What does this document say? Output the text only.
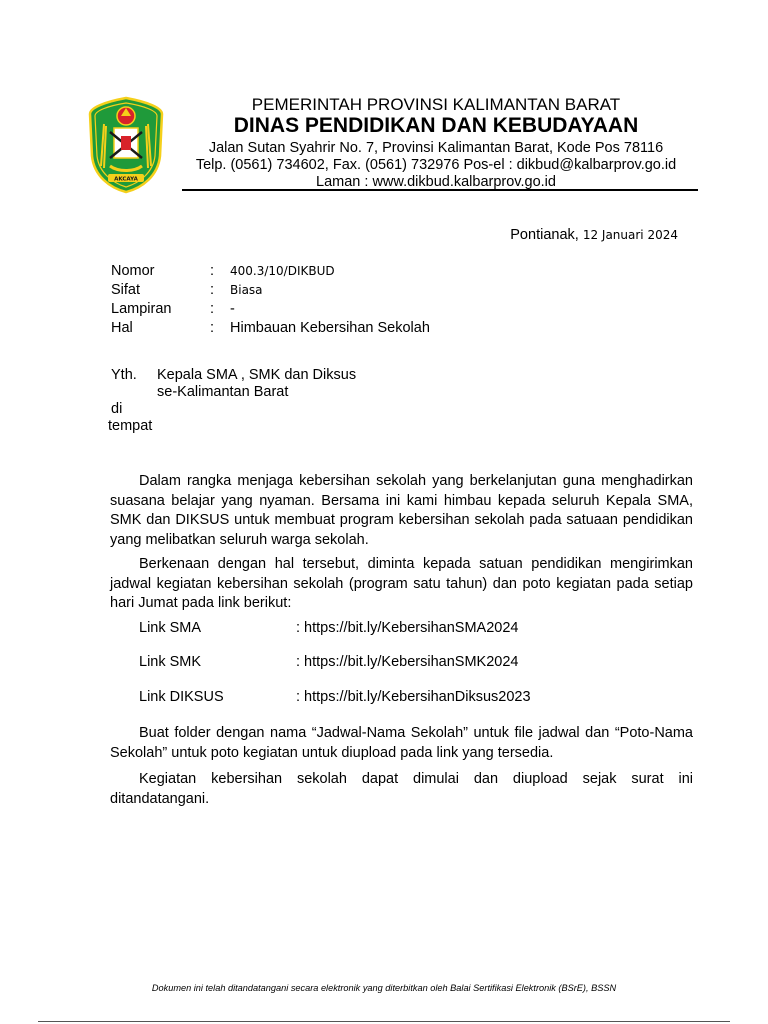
AKCAYA
PEMERINTAH PROVINSI KALIMANTAN BARAT
DINAS PENDIDIKAN DAN KEBUDAYAAN
Jalan Sutan Syahrir No. 7, Provinsi Kalimantan Barat, Kode Pos 78116
Telp. (0561) 734602, Fax. (0561) 732976 Pos-el : dikbud@kalbarprov.go.id
Laman : www.dikbud.kalbarprov.go.id
Pontianak, 12 Januari 2024
Nomor	: 400.3/10/DIKBUD
Sifat	: Biasa
Lampiran	: -
Hal	: Himbauan Kebersihan Sekolah
Yth. Kepala SMA , SMK dan Diksus
se-Kalimantan Barat
di
tempat
Dalam rangka menjaga kebersihan sekolah yang berkelanjutan guna menghadirkan suasana belajar yang nyaman. Bersama ini kami himbau kepada seluruh Kepala SMA, SMK dan DIKSUS untuk membuat program kebersihan sekolah pada satuaan pendidikan yang melibatkan seluruh warga sekolah.
Berkenaan dengan hal tersebut, diminta kepada satuan pendidikan mengirimkan jadwal kegiatan kebersihan sekolah (program satu tahun) dan poto kegiatan pada setiap hari Jumat pada link berikut:
Link SMA	: https://bit.ly/KebersihanSMA2024
Link SMK	: https://bit.ly/KebersihanSMK2024
Link DIKSUS	: https://bit.ly/KebersihanDiksus2023
Buat folder dengan nama “Jadwal-Nama Sekolah” untuk file jadwal dan “Poto-Nama Sekolah” untuk poto kegiatan untuk diupload pada link yang tersedia.
Kegiatan kebersihan sekolah dapat dimulai dan diupload sejak surat ini ditandatangani.
Dokumen ini telah ditandatangani secara elektronik yang diterbitkan oleh Balai Sertifikasi Elektronik (BSrE), BSSN
